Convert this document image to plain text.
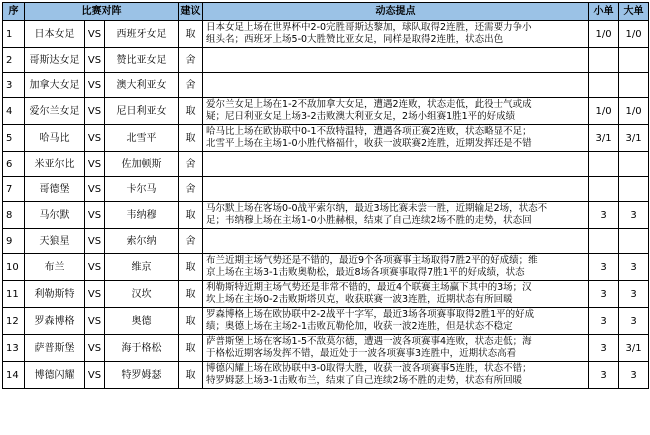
序	比赛对阵			建议	动态提点	小单	大单
1	日本女足	VS	西班牙女足	取	日本女足上场在世界杯中2-0完胜哥斯达黎加，球队取得2连胜，还需要力争小
组头名；西班牙上场5-0大胜赞比亚女足，同样是取得2连胜，状态出色	1/0	1/0
2	哥斯达女足	VS	赞比亚女足	舍			
3	加拿大女足	VS	澳大利亚女	舍			
4	爱尔兰女足	VS	尼日利亚女	取	爱尔兰女足上场在1-2不敌加拿大女足，遭遇2连败，状态走低，此役士气或成
疑；尼日利亚女足上场3-2击败澳大利亚女足，2场小组赛1胜1平的好成绩	1/0	1/0
5	哈马比	VS	北雪平	取	哈马比上场在欧协联中0-1不敌特温特，遭遇各项正赛2连败，状态略显不足；
北雪平上场在主场1-0小胜代格福什，收获一波联赛2连胜，近期发挥还是不错	3/1	3/1
6	米亚尔比	VS	佐加顿斯	舍			
7	哥德堡	VS	卡尔马	舍			
8	马尔默	VS	韦纳穆	取	马尔默上场在客场0-0战平索尔纳，最近3场比赛未尝一胜，近期输足2场，状态不
足；韦纳穆上场在主场1-0小胜赫根，结束了自己连续2场不胜的走势，状态回	3	3
9	天狼星	VS	索尔纳	舍			
10	布兰	VS	维京	取	布兰近期主场气势还是不错的，最近9个各项赛事主场取得7胜2平的好成绩；维
京上场在主场3-1击败奥勒松，最近8场各项赛事取得7胜1平的好成绩，状态	3	3
11	利勒斯特	VS	汉坎	取	利勒斯特近期主场气势还是非常不错的，最近4个联赛主场赢下其中的3场；汉
坎上场在主场0-2击败斯塔贝克，收获联赛一波3连胜，近期状态有所回暖	3	3
12	罗森博格	VS	奥德	取	罗森博格上场在欧协联中2-2战平十字军，最近3场各项赛事取得2胜1平的好成
绩；奥德上场在主场2-1击败瓦勒伦加，收获一波2连胜，但是状态不稳定	3	3
13	萨普斯堡	VS	海于格松	取	萨普斯堡上场在客场1-5不敌莫尔德，遭遇一波各项赛事4连败，状态走低；海
于格松近期客场发挥不错，最近处于一波各项赛事3连胜中，近期状态高看	3	3/1
14	博德闪耀	VS	特罗姆瑟	取	博德闪耀上场在欧协联中3-0取得大胜，收获一波各项赛事5连胜，状态不错；
特罗姆瑟上场3-1击败布兰，结束了自己连续2场不胜的走势，状态有所回暖	3	3
